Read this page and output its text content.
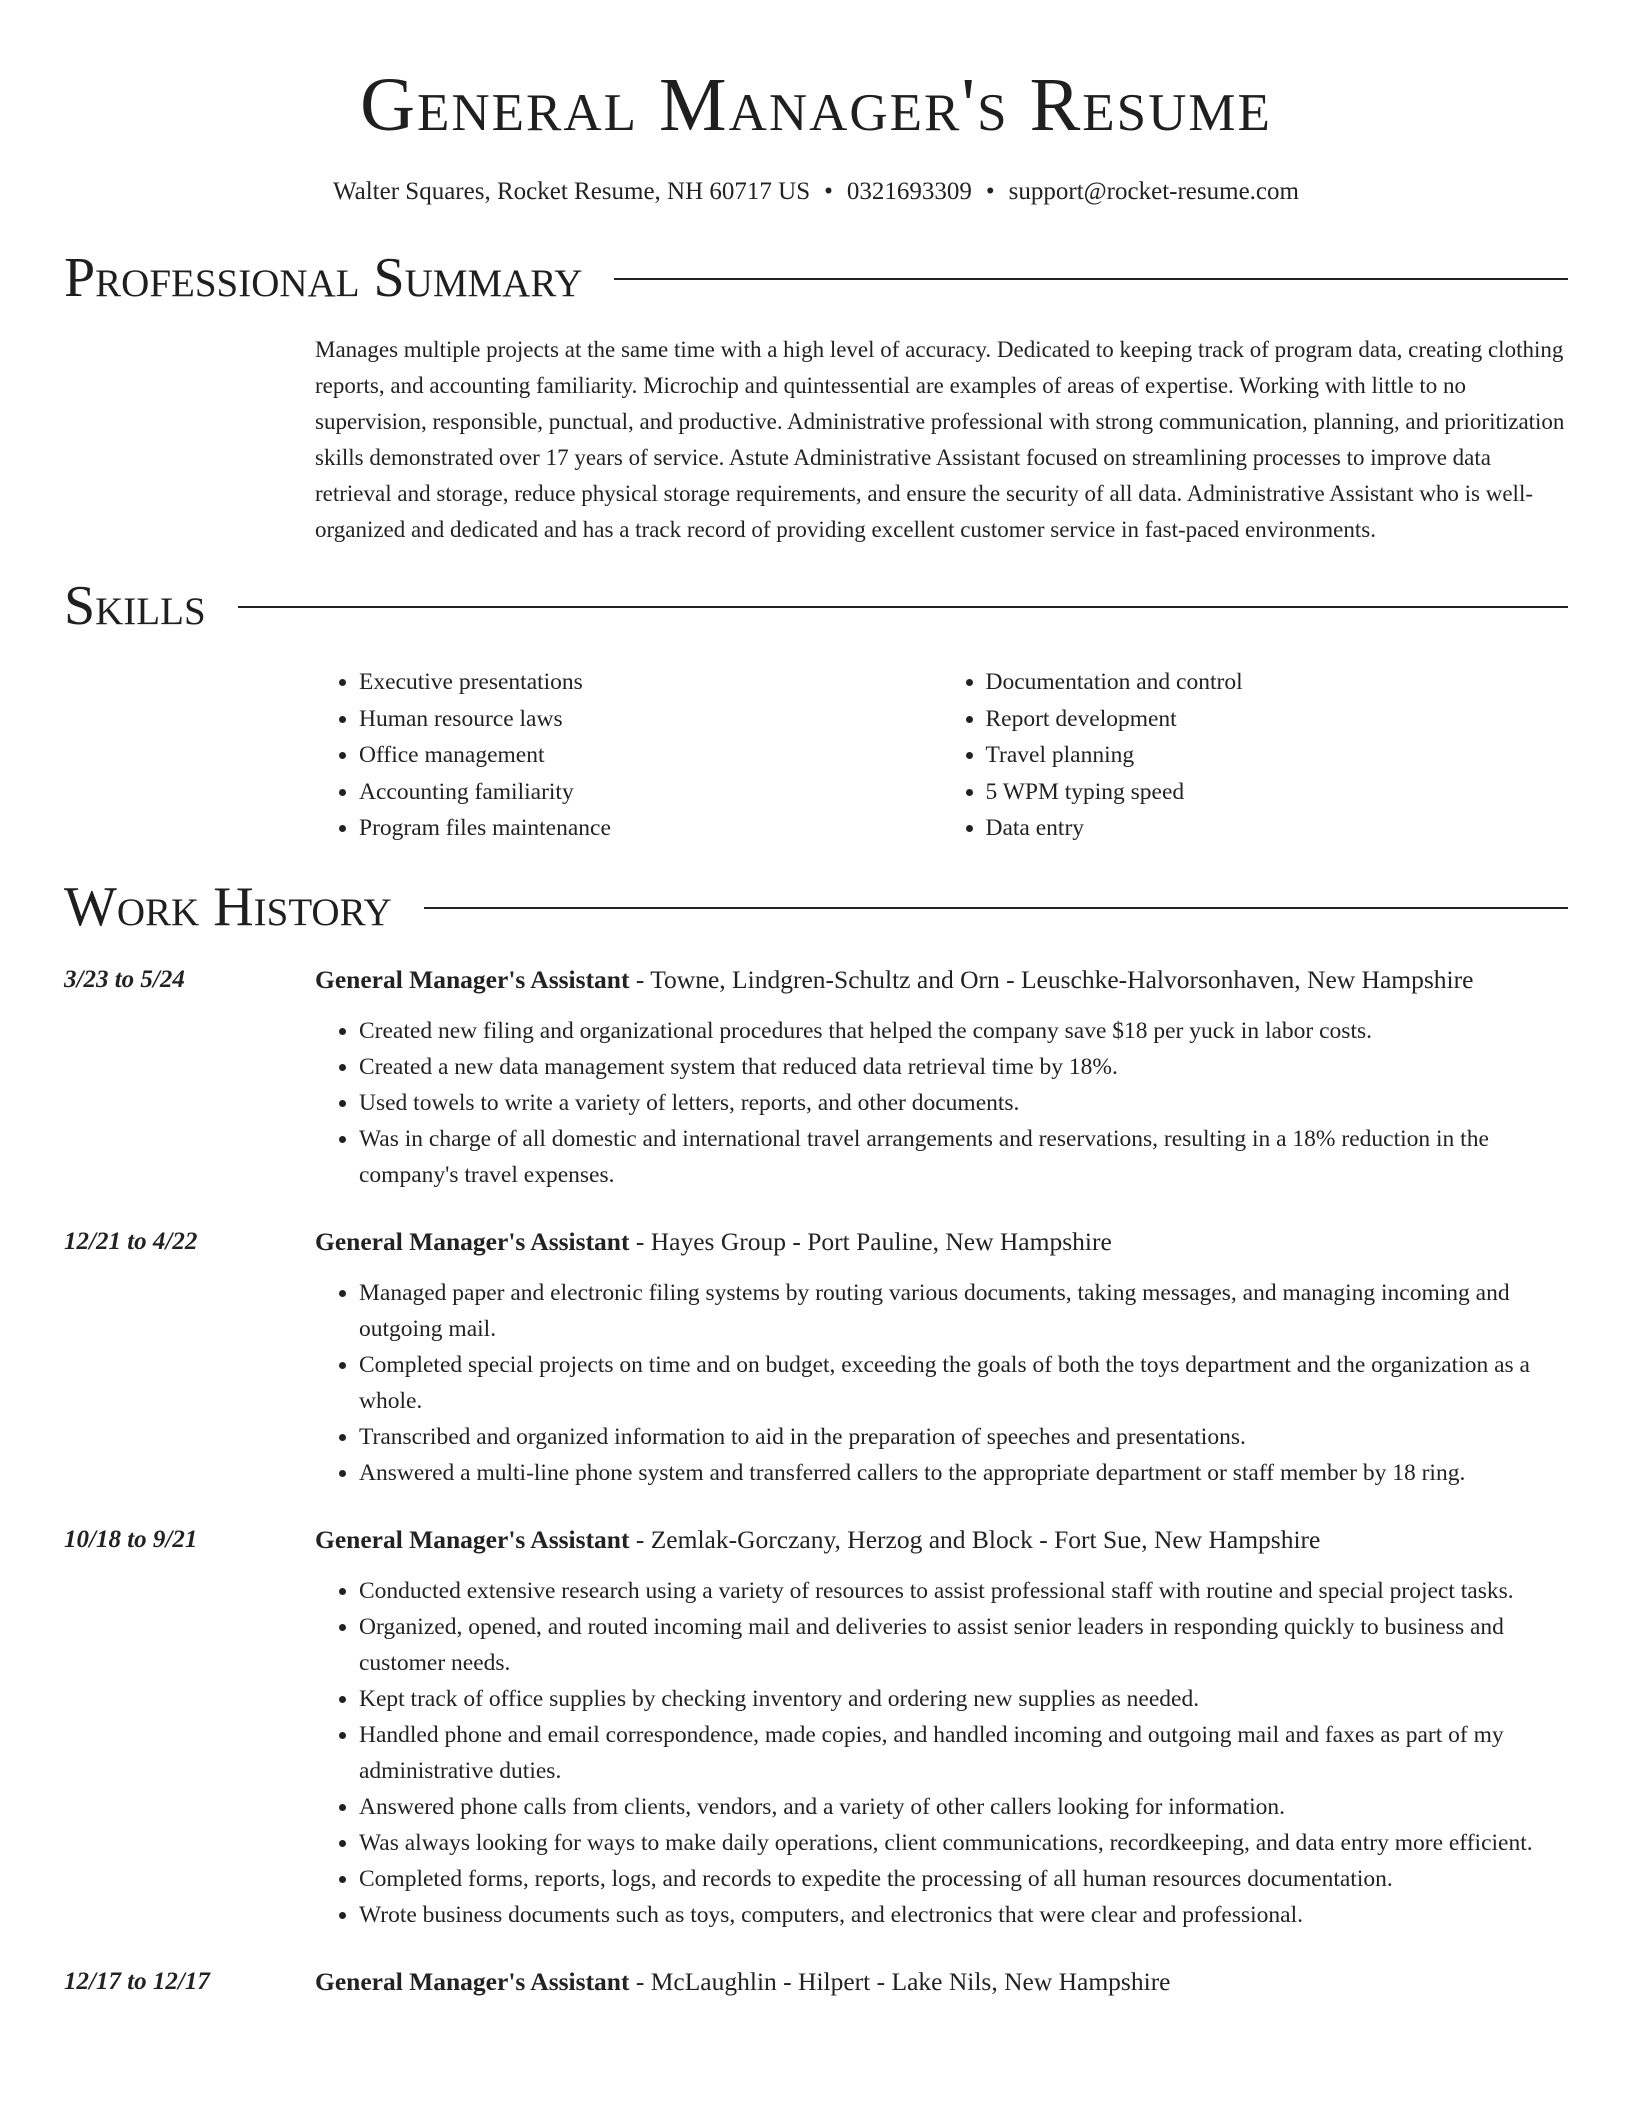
General Manager's Resume
Walter Squares, Rocket Resume, NH 60717 US • 0321693309 • support@rocket-resume.com
Professional Summary

Manages multiple projects at the same time with a high level of accuracy. Dedicated to keeping track of program data, creating clothing reports, and accounting familiarity. Microchip and quintessential are examples of areas of expertise. Working with little to no supervision, responsible, punctual, and productive. Administrative professional with strong communication, planning, and prioritization skills demonstrated over 17 years of service. Astute Administrative Assistant focused on streamlining processes to improve data retrieval and storage, reduce physical storage requirements, and ensure the security of all data. Administrative Assistant who is well-organized and dedicated and has a track record of providing excellent customer service in fast-paced environments.

Skills
• Executive presentations
• Human resource laws
• Office management
• Accounting familiarity
• Program files maintenance
• Documentation and control
• Report development
• Travel planning
• 5 WPM typing speed
• Data entry
Work History
3/23 to 5/24	General Manager's Assistant - Towne, Lindgren-Schultz and Orn - Leuschke-Halvorsonhaven, New Hampshire
• Created new filing and organizational procedures that helped the company save $18 per yuck in labor costs.
• Created a new data management system that reduced data retrieval time by 18%.
• Used towels to write a variety of letters, reports, and other documents.
• Was in charge of all domestic and international travel arrangements and reservations, resulting in a 18% reduction in the company's travel expenses.
12/21 to 4/22	General Manager's Assistant - Hayes Group - Port Pauline, New Hampshire
• Managed paper and electronic filing systems by routing various documents, taking messages, and managing incoming and outgoing mail.
• Completed special projects on time and on budget, exceeding the goals of both the toys department and the organization as a whole.
• Transcribed and organized information to aid in the preparation of speeches and presentations.
• Answered a multi-line phone system and transferred callers to the appropriate department or staff member by 18 ring.
10/18 to 9/21	General Manager's Assistant - Zemlak-Gorczany, Herzog and Block - Fort Sue, New Hampshire
• Conducted extensive research using a variety of resources to assist professional staff with routine and special project tasks.
• Organized, opened, and routed incoming mail and deliveries to assist senior leaders in responding quickly to business and customer needs.
• Kept track of office supplies by checking inventory and ordering new supplies as needed.
• Handled phone and email correspondence, made copies, and handled incoming and outgoing mail and faxes as part of my administrative duties.
• Answered phone calls from clients, vendors, and a variety of other callers looking for information.
• Was always looking for ways to make daily operations, client communications, recordkeeping, and data entry more efficient.
• Completed forms, reports, logs, and records to expedite the processing of all human resources documentation.
• Wrote business documents such as toys, computers, and electronics that were clear and professional.
12/17 to 12/17	General Manager's Assistant - McLaughlin - Hilpert - Lake Nils, New Hampshire
